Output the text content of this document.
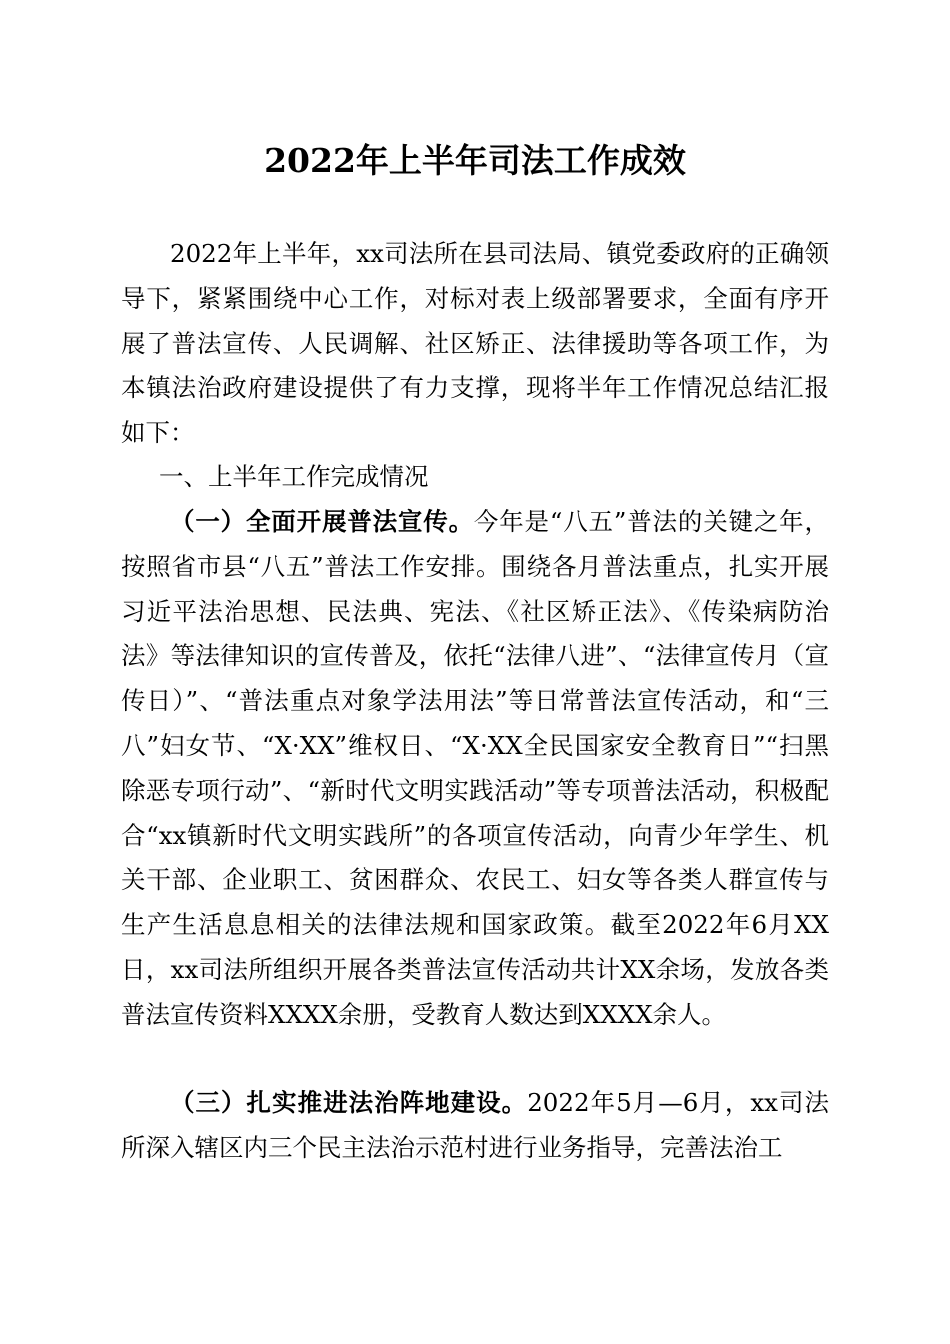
2022年上半年司法工作成效

2022年上半年，xx司法所在县司法局、镇党委政府的正确领导下，紧紧围绕中心工作，对标对表上级部署要求，全面有序开展了普法宣传、人民调解、社区矫正、法律援助等各项工作，为本镇法治政府建设提供了有力支撑，现将半年工作情况总结汇报如下：

一、上半年工作完成情况

（一）全面开展普法宣传。今年是“八五”普法的关键之年，按照省市县“八五”普法工作安排。围绕各月普法重点，扎实开展习近平法治思想、民法典、宪法、《社区矫正法》、《传染病防治法》等法律知识的宣传普及，依托“法律八进”、“法律宣传月（宣传日）”、“普法重点对象学法用法”等日常普法宣传活动，和“三八”妇女节、“X·XX”维权日、“X·XX全民国家安全教育日”“扫黑除恶专项行动”、“新时代文明实践活动”等专项普法活动，积极配合“xx镇新时代文明实践所”的各项宣传活动，向青少年学生、机关干部、企业职工、贫困群众、农民工、妇女等各类人群宣传与生产生活息息相关的法律法规和国家政策。截至2022年6月XX日，xx司法所组织开展各类普法宣传活动共计XX余场，发放各类普法宣传资料XXXX余册，受教育人数达到XXXX余人。

（三）扎实推进法治阵地建设。2022年5月—6月，xx司法所深入辖区内三个民主法治示范村进行业务指导，完善法治工
